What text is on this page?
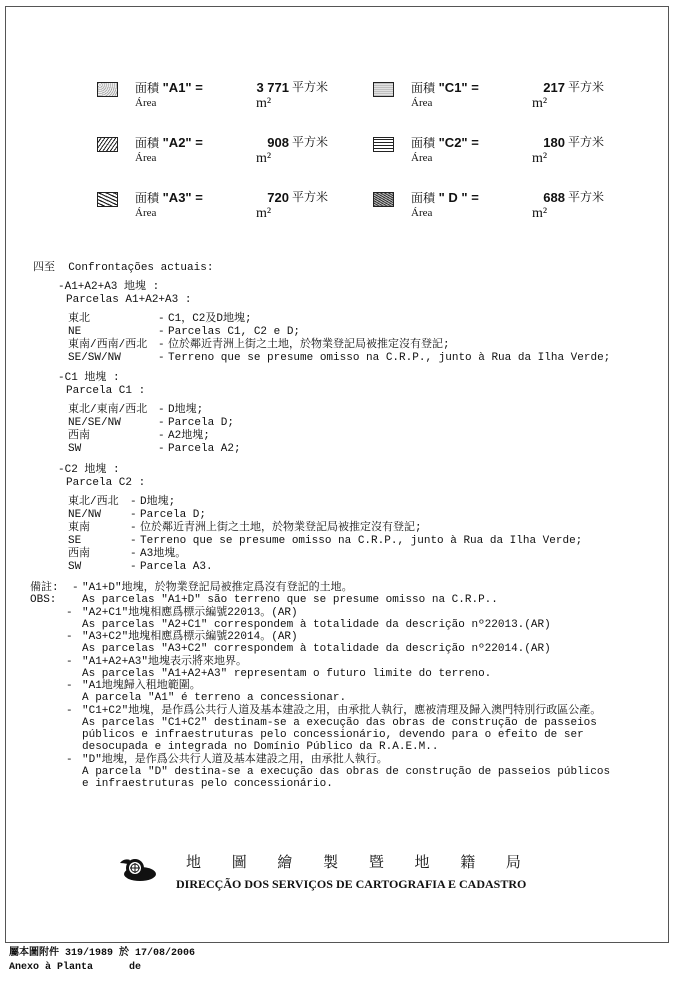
面積 "A1" =	3 771 平方米
Área	m²
面積 "A2" =	908 平方米
Área	m²
面積 "A3" =	720 平方米
Área	m²
面積 "C1" =	217 平方米
Área	m²
面積 "C2" =	180 平方米
Área	m²
面積 " D " =	688 平方米
Área	m²
四至  Confrontações actuais:
-A1+A2+A3 地塊 :
Parcelas A1+A2+A3 :
東北	- C1，C2及D地塊;
NE	- Parcelas C1, C2 e D;
東南/西南/西北 - 位於鄰近青洲上街之土地，於物業登記局被推定沒有登記;
SE/SW/NW	- Terreno que se presume omisso na C.R.P., junto à Rua da Ilha Verde;
-C1 地塊 :
Parcela C1 :
東北/東南/西北 - D地塊;
NE/SE/NW	- Parcela D;
西南	- A2地塊;
SW	- Parcela A2;
-C2 地塊 :
Parcela C2 :
東北/西北 - D地塊;
NE/NW	- Parcela D;
東南	- 位於鄰近青洲上街之土地，於物業登記局被推定沒有登記;
SE	- Terreno que se presume omisso na C.R.P., junto à Rua da Ilha Verde;
西南	- A3地塊。
SW	- Parcela A3.
備註:
OBS:
- "A1+D"地塊，於物業登記局被推定爲沒有登記的土地。
As parcelas "A1+D" são terreno que se presume omisso na C.R.P..
- "A2+C1"地塊相應爲標示編號22013。(AR)
As parcelas "A2+C1" correspondem à totalidade da descrição nº22013.(AR)
- "A3+C2"地塊相應爲標示編號22014。(AR)
As parcelas "A3+C2" correspondem à totalidade da descrição nº22014.(AR)
- "A1+A2+A3"地塊表示將來地界。
As parcelas "A1+A2+A3" representam o futuro limite do terreno.
- "A1地塊歸入租地範圍。
A parcela "A1" é terreno a concessionar.
- "C1+C2"地塊，是作爲公共行人道及基本建設之用，由承批人執行，應被清理及歸入澳門特別行政區公產。
As parcelas "C1+C2" destinam-se a execução das obras de construção de passeios
públicos e infraestruturas pelo concessionário, devendo para o efeito de ser
desocupada e integrada no Domínio Público da R.A.E.M..
- "D"地塊，是作爲公共行人道及基本建設之用，由承批人執行。
A parcela "D" destina-se a execução das obras de construção de passeios públicos
e infraestruturas pelo concessionário.
地 圖 繪 製 暨 地 籍 局
DIRECÇÃO DOS SERVIÇOS DE CARTOGRAFIA E CADASTRO
屬本圖附件 319/1989 於 17/08/2006
Anexo à Planta      de
